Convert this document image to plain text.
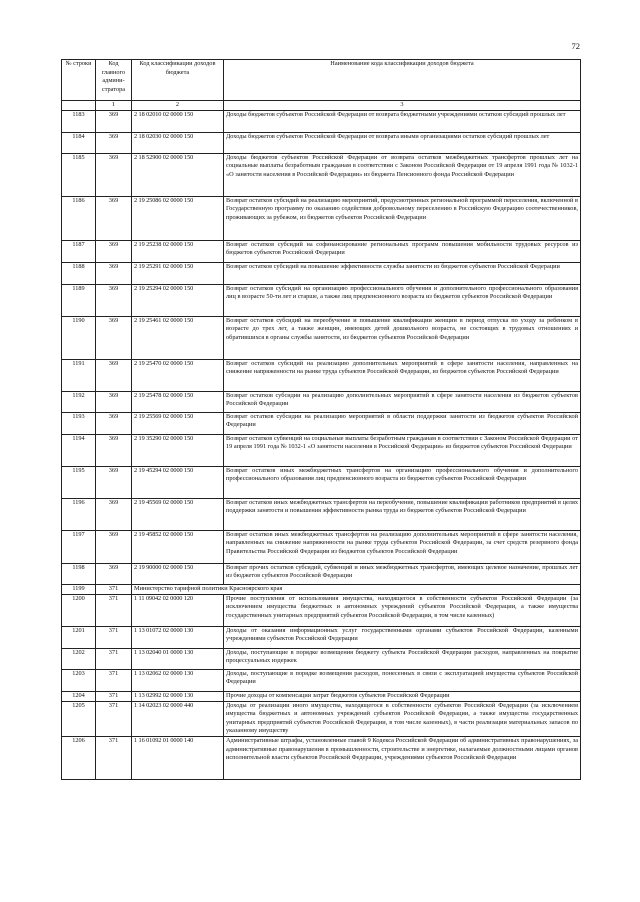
72
№ строки	Код главного админи-стратора	Код классификации доходов бюджета	Наименование кода классификации доходов бюджета
	1	2	3
1183	369	2 18 02010 02 0000 150	Доходы бюджетов субъектов Российской Федерации от возврата бюджетными учреждениями остатков субсидий прошлых лет
1184	369	2 18 02030 02 0000 150	Доходы бюджетов субъектов Российской Федерации от возврата иными организациями остатков субсидий прошлых лет
1185	369	2 18 52900 02 0000 150	Доходы бюджетов субъектов Российской Федерации от возврата остатков межбюджетных трансфертов прошлых лет на социальные выплаты безработным гражданам в соответствии с Законом Российской Федерации от 19 апреля 1991 года № 1032-1 «О занятости населения в Российской Федерации» из бюджета Пенсионного фонда Российской Федерации
1186	369	2 19 25086 02 0000 150	Возврат остатков субсидий на реализацию мероприятий, предусмотренных региональной программой переселения, включенной в Государственную программу по оказанию содействия добровольному переселению в Российскую Федерацию соотечественников, проживающих за рубежом, из бюджетов субъектов Российской Федерации
1187	369	2 19 25238 02 0000 150	Возврат остатков субсидий на софинансирование региональных программ повышения мобильности трудовых ресурсов из бюджетов субъектов Российской Федерации
1188	369	2 19 25291 02 0000 150	Возврат остатков субсидий на повышение эффективности службы занятости из бюджетов субъектов Российской Федерации
1189	369	2 19 25294 02 0000 150	Возврат остатков субсидий на организацию профессионального обучения и дополнительного профессионального образования лиц в возрасте 50-ти лет и старше, а также лиц предпенсионного возраста из бюджетов субъектов Российской Федерации
1190	369	2 19 25461 02 0000 150	Возврат остатков субсидий на переобучение и повышение квалификации женщин в период отпуска по уходу за ребенком в возрасте до трех лет, а также женщин, имеющих детей дошкольного возраста, не состоящих в трудовых отношениях и обратившихся в органы службы занятости, из бюджетов субъектов Российской Федерации
1191	369	2 19 25470 02 0000 150	Возврат остатков субсидий на реализацию дополнительных мероприятий в сфере занятости населения, направленных на снижение напряженности на рынке труда субъектов Российской Федерации, из бюджетов субъектов Российской Федерации
1192	369	2 19 25478 02 0000 150	Возврат остатков субсидии на реализацию дополнительных мероприятий в сфере занятости населения из бюджетов субъектов Российской Федерации
1193	369	2 19 25569 02 0000 150	Возврат остатков субсидии на реализацию мероприятий в области поддержки занятости из бюджетов субъектов Российской Федерации
1194	369	2 19 35290 02 0000 150	Возврат остатков субвенций на социальные выплаты безработным гражданам в соответствии с Законом Российской Федерации от 19 апреля 1991 года № 1032-1 «О занятости населения в Российской Федерации» из бюджетов субъектов Российской Федерации
1195	369	2 19 45294 02 0000 150	Возврат остатков иных межбюджетных трансфертов на организацию профессионального обучения и дополнительного профессионального образования лиц предпенсионного возраста из бюджетов субъектов Российской Федерации
1196	369	2 19 45569 02 0000 150	Возврат остатков иных межбюджетных трансфертов на переобучение, повышение квалификации работников предприятий в целях поддержки занятости и повышения эффективности рынка труда из бюджетов субъектов Российской Федерации
1197	369	2 19 45852 02 0000 150	Возврат остатков иных межбюджетных трансфертов на реализацию дополнительных мероприятий в сфере занятости населения, направленных на снижение напряженности на рынке труда субъектов Российской Федерации, за счет средств резервного фонда Правительства Российской Федерации из бюджетов субъектов Российской Федерации
1198	369	2 19 90000 02 0000 150	Возврат прочих остатков субсидий, субвенций и иных межбюджетных трансфертов, имеющих целевое назначение, прошлых лет из бюджетов субъектов Российской Федерации
1199	371	Министерство тарифной политики Красноярского края	
1200	371	1 11 09042 02 0000 120	Прочие поступления от использования имущества, находящегося в собственности субъектов Российской Федерации (за исключением имущества бюджетных и автономных учреждений субъектов Российской Федерации, а также имущества государственных унитарных предприятий субъектов Российской Федерации, в том числе казенных)
1201	371	1 13 01072 02 0000 130	Доходы от оказания информационных услуг государственными органами субъектов Российской Федерации, казенными учреждениями субъектов Российской Федерации
1202	371	1 13 02040 01 0000 130	Доходы, поступающие в порядке возмещения бюджету субъекта Российской Федерации расходов, направленных на покрытие процессуальных издержек
1203	371	1 13 02062 02 0000 130	Доходы, поступающие в порядке возмещения расходов, понесенных в связи с эксплуатацией имущества субъектов Российской Федерации
1204	371	1 13 02992 02 0000 130	Прочие доходы от компенсации затрат бюджетов субъектов Российской Федерации
1205	371	1 14 02023 02 0000 440	Доходы от реализации иного имущества, находящегося в собственности субъектов Российской Федерации (за исключением имущества бюджетных и автономных учреждений субъектов Российской Федерации, а также имущества государственных унитарных предприятий субъектов Российской Федерации, в том числе казенных), в части реализации материальных запасов по указанному имуществу
1206	371	1 16 01092 01 0000 140	Административные штрафы, установленные главой 9 Кодекса Российской Федерации об административных правонарушениях, за административные правонарушения в промышленности, строительстве и энергетике, налагаемые должностными лицами органов исполнительной власти субъектов Российской Федерации, учреждениями субъектов Российской Федерации
